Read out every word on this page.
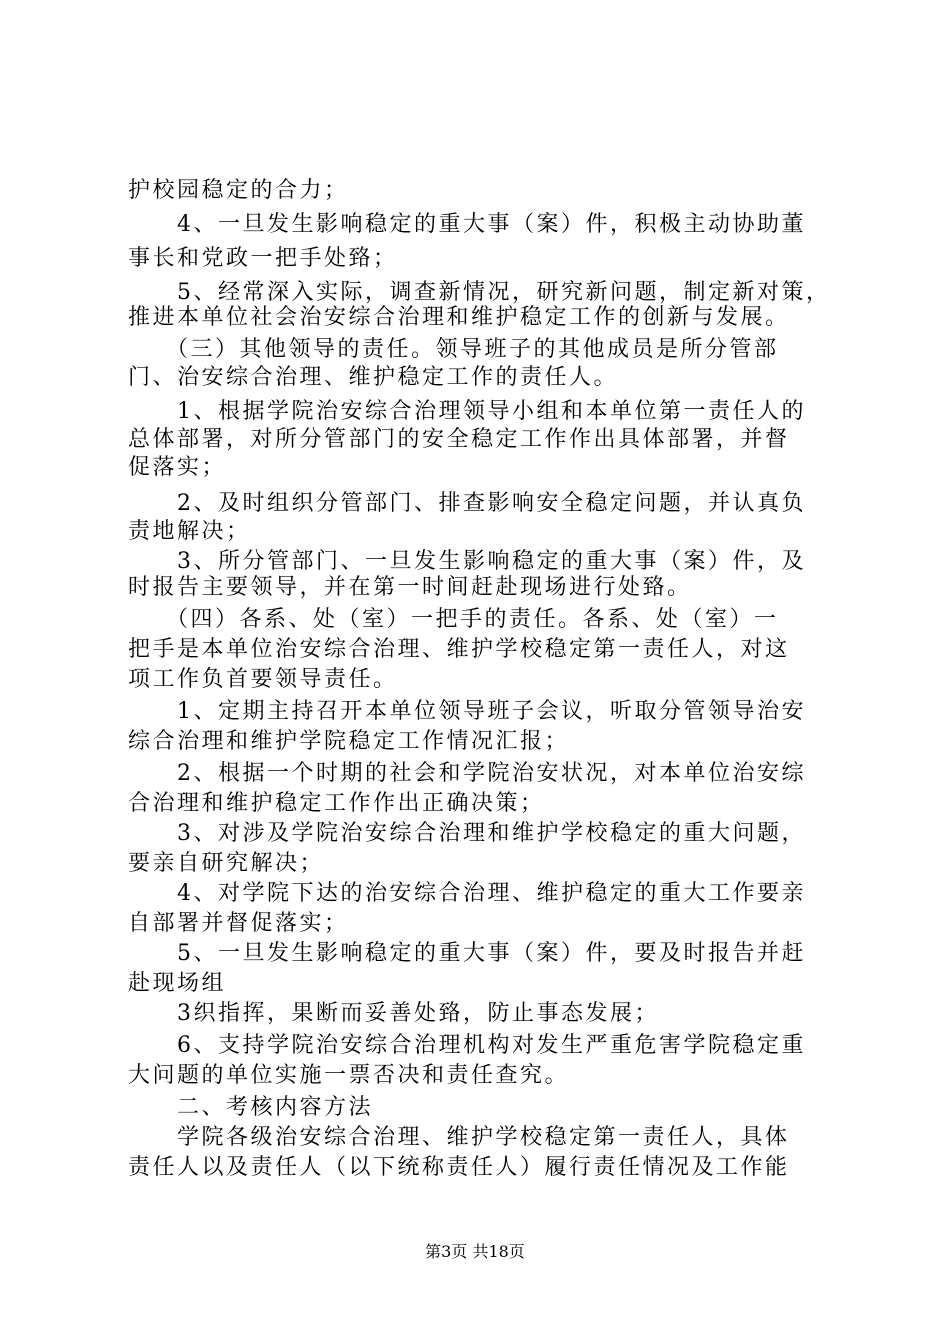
护校园稳定的合力；
　　4、一旦发生影响稳定的重大事（案）件，积极主动协助董
事长和党政一把手处臵；
　　5、经常深入实际，调查新情况，研究新问题，制定新对策，
推进本单位社会治安综合治理和维护稳定工作的创新与发展。
　　（三）其他领导的责任。领导班子的其他成员是所分管部
门、治安综合治理、维护稳定工作的责任人。
　　1、根据学院治安综合治理领导小组和本单位第一责任人的
总体部署，对所分管部门的安全稳定工作作出具体部署，并督
促落实；
　　2、及时组织分管部门、排查影响安全稳定问题，并认真负
责地解决；
　　3、所分管部门、一旦发生影响稳定的重大事（案）件，及
时报告主要领导，并在第一时间赶赴现场进行处臵。
　　（四）各系、处（室）一把手的责任。各系、处（室）一
把手是本单位治安综合治理、维护学校稳定第一责任人，对这
项工作负首要领导责任。
　　1、定期主持召开本单位领导班子会议，听取分管领导治安
综合治理和维护学院稳定工作情况汇报；
　　2、根据一个时期的社会和学院治安状况，对本单位治安综
合治理和维护稳定工作作出正确决策；
　　3、对涉及学院治安综合治理和维护学校稳定的重大问题，
要亲自研究解决；
　　4、对学院下达的治安综合治理、维护稳定的重大工作要亲
自部署并督促落实；
　　5、一旦发生影响稳定的重大事（案）件，要及时报告并赶
赴现场组
　　3织指挥，果断而妥善处臵，防止事态发展；
　　6、支持学院治安综合治理机构对发生严重危害学院稳定重
大问题的单位实施一票否决和责任查究。
　　二、考核内容方法
　　学院各级治安综合治理、维护学校稳定第一责任人，具体
责任人以及责任人（以下统称责任人）履行责任情况及工作能
第3页 共18页
